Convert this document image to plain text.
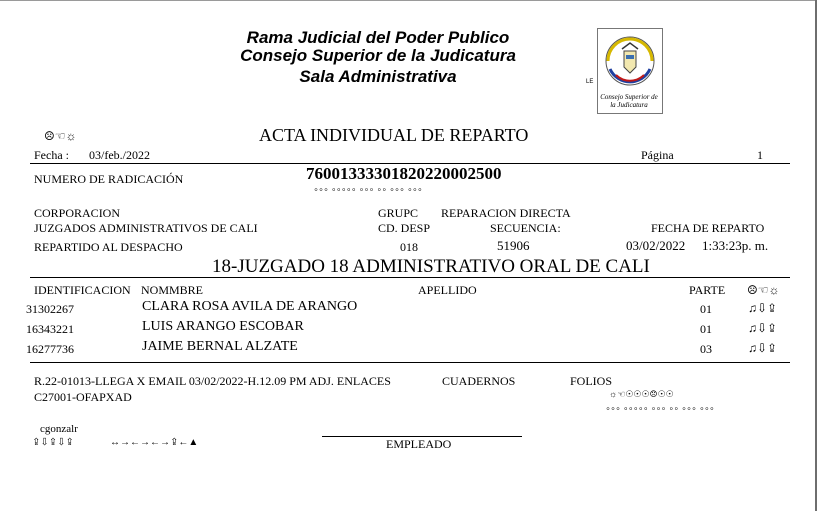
Rama Judicial del Poder Publico
Consejo Superior de la Judicatura
Sala Administrativa	LE
Consejo Superior de la Judicatura
☹☜☼	ACTA INDIVIDUAL DE REPARTO
Fecha : 03/feb./2022	Página	1
NUMERO DE RADICACIÓN	76001333301820220002500
⸰⸰⸰ ⸰⸰⸰⸰⸰ ⸰⸰⸰ ⸰⸰ ⸰⸰⸰ ⸰⸰⸰
CORPORACION	GRUPC REPARACION DIRECTA
JUZGADOS ADMINISTRATIVOS DE CALI	CD. DESP	SECUENCIA:	FECHA DE REPARTO
REPARTIDO AL DESPACHO	018	51906	03/02/2022 1:33:23p. m.
18-JUZGADO 18 ADMINISTRATIVO ORAL DE CALI
IDENTIFICACION NOMMBRE	APELLIDO	PARTE ☹☜☼
31302267	CLARA ROSA AVILA DE ARANGO	01	♫⇩⇪
16343221	LUIS ARANGO ESCOBAR	01	♫⇩⇪
16277736	JAIME BERNAL ALZATE	03	♫⇩⇪
R.22-01013-LLEGA X EMAIL 03/02/2022-H.12.09 PM ADJ. ENLACES	CUADERNOS	FOLIOS
C27001-OFAPXAD	☼☜☉☉☉☹☉☉
⸰⸰⸰ ⸰⸰⸰⸰⸰ ⸰⸰⸰ ⸰⸰ ⸰⸰⸰ ⸰⸰⸰
cgonzalr
⇪⇩⇪⇩⇪	↔→←→←→⇪←▲	EMPLEADO
